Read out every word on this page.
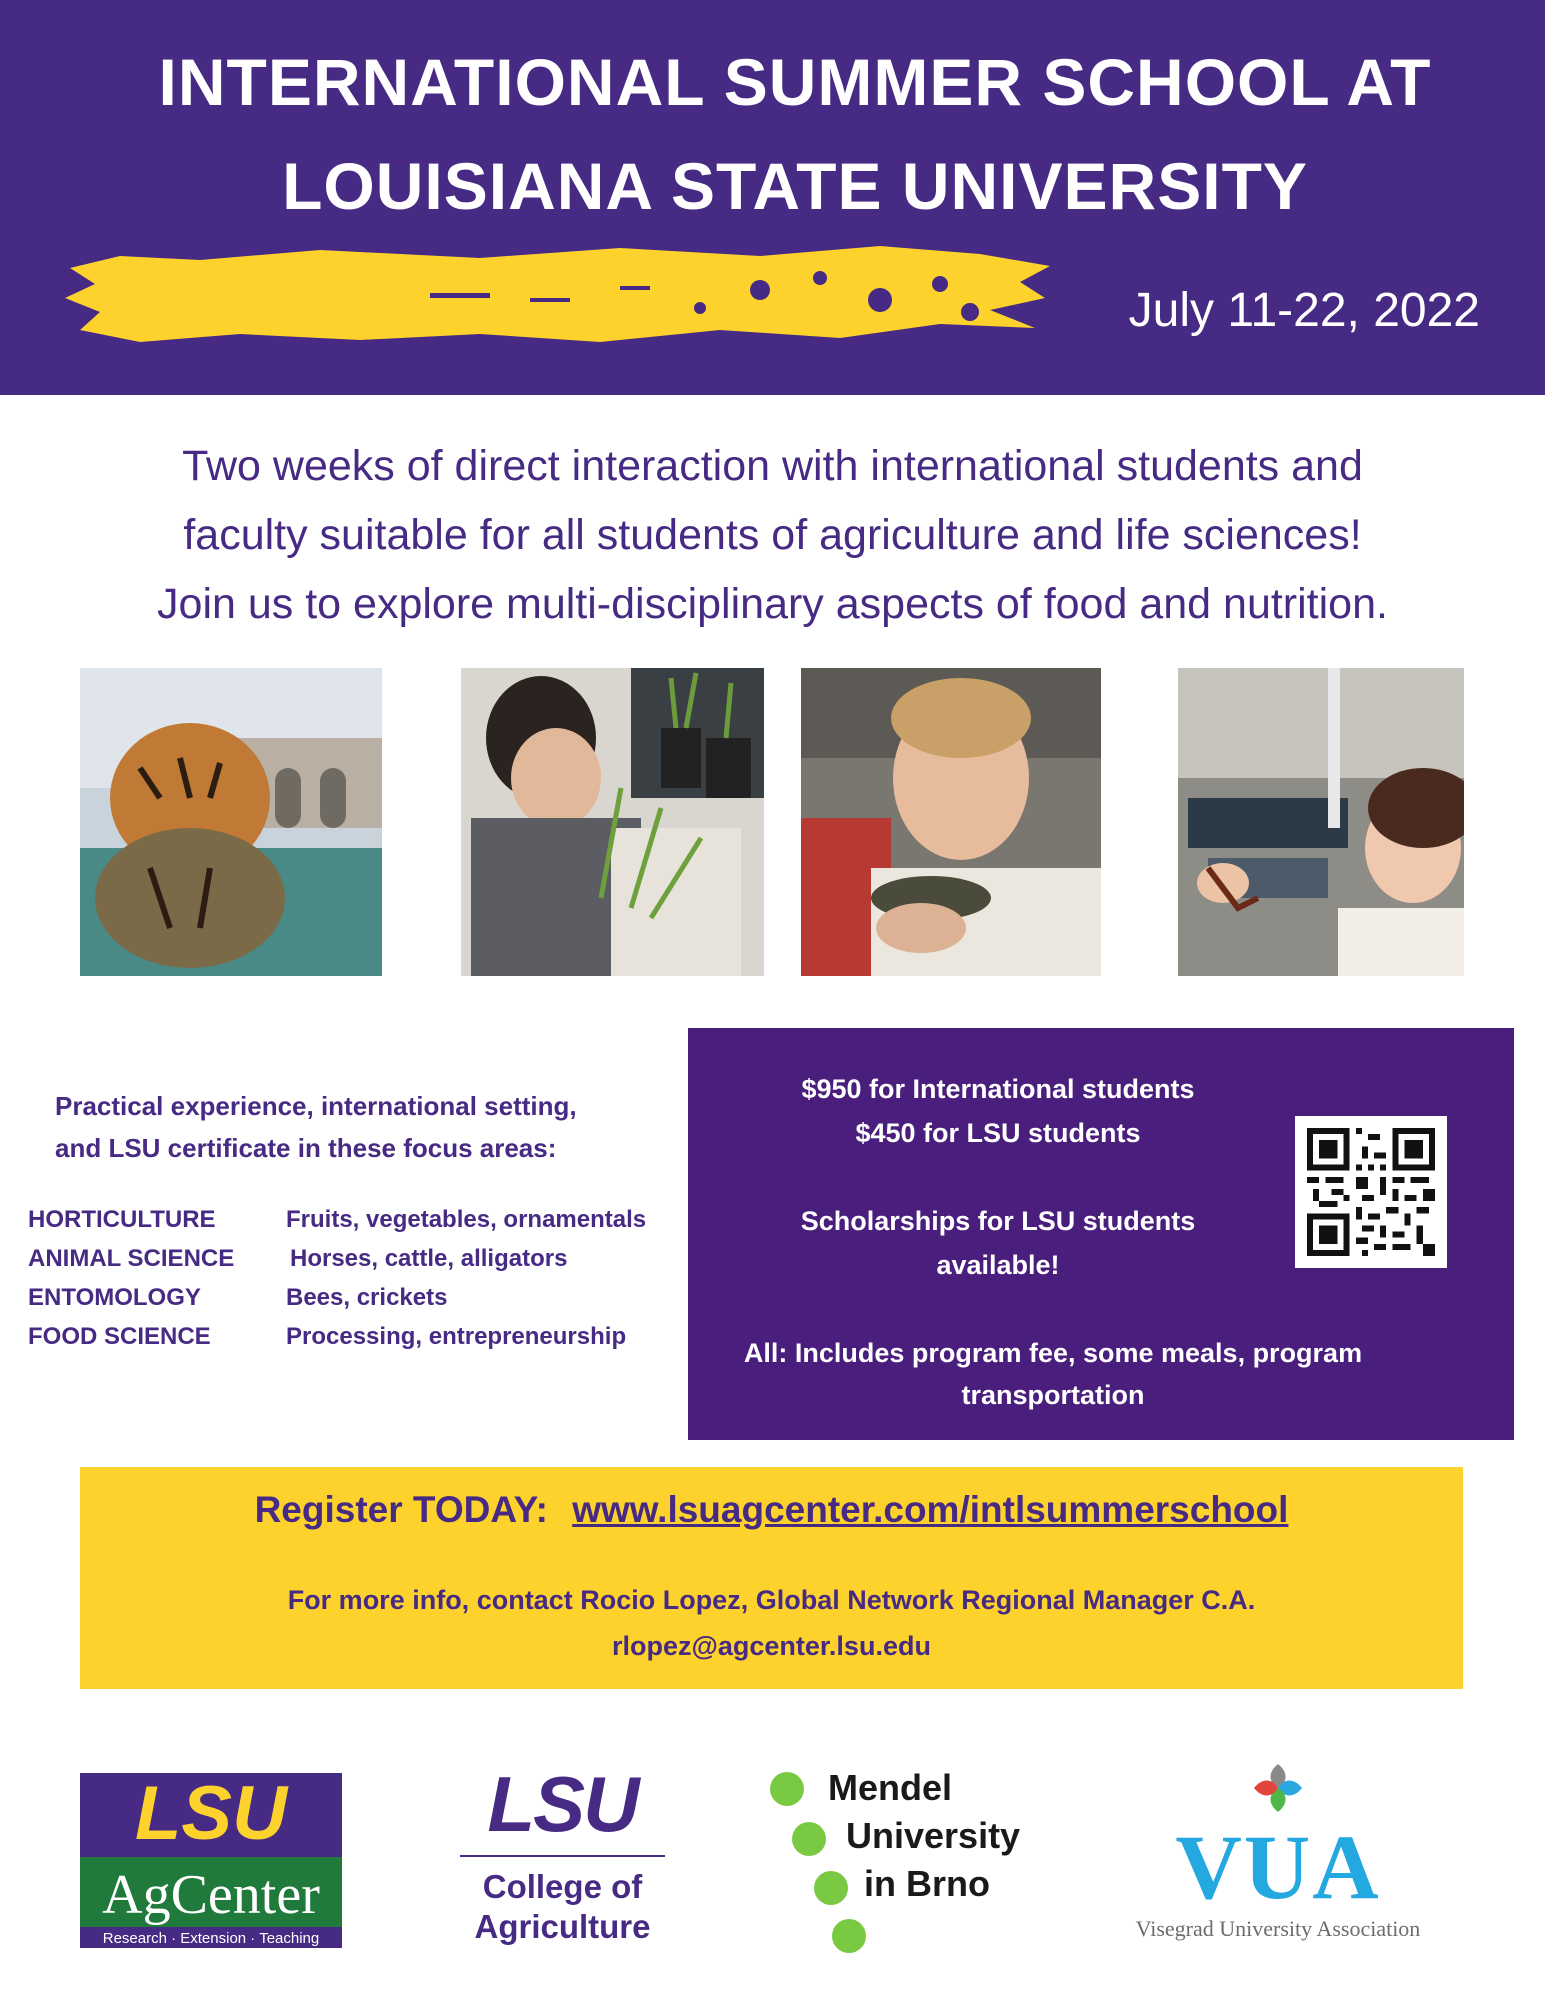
INTERNATIONAL SUMMER SCHOOL AT
LOUISIANA STATE UNIVERSITY
July 11-22, 2022
Two weeks of direct interaction with international students and
faculty suitable for all students of agriculture and life sciences!
Join us to explore multi-disciplinary aspects of food and nutrition.
Practical experience, international setting,
and LSU certificate in these focus areas:
HORTICULTURE	Fruits, vegetables, ornamentals
ANIMAL SCIENCE Horses, cattle, alligators
ENTOMOLOGY	Bees, crickets
FOOD SCIENCE	Processing, entrepreneurship
$950 for International students
$450 for LSU students
Scholarships for LSU students
available!
All: Includes program fee, some meals, program
transportation
Register TODAY: www.lsuagcenter.com/intlsummerschool
For more info, contact Rocio Lopez, Global Network Regional Manager C.A.
rlopez@agcenter.lsu.edu
LSU
AgCenter
Research · Extension · Teaching
LSU
College of
Agriculture
Mendel
University
in Brno	VUA
Visegrad University Association
